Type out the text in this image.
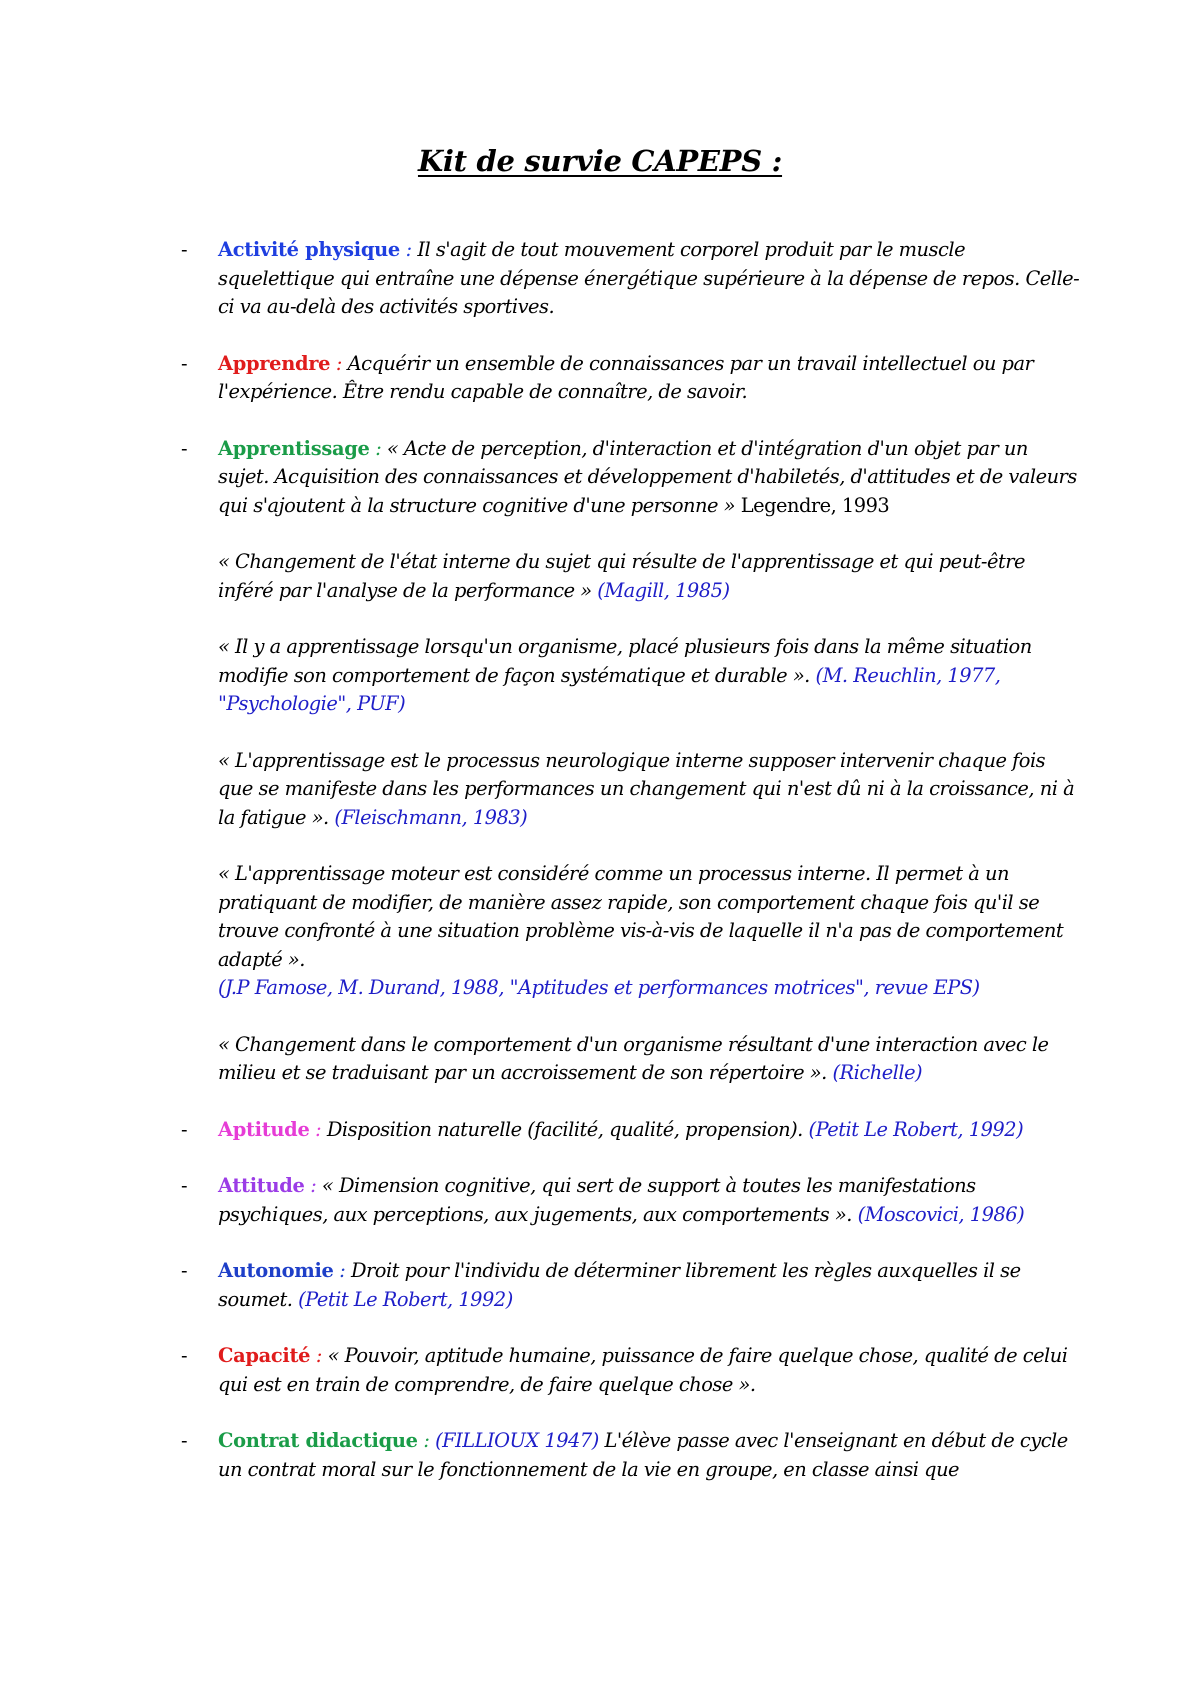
Kit de survie CAPEPS :
- Activité physique : Il s'agit de tout mouvement corporel produit par le muscle squelettique qui entraîne une dépense énergétique supérieure à la dépense de repos. Celle-ci va au-delà des activités sportives.
- Apprendre : Acquérir un ensemble de connaissances par un travail intellectuel ou par l'expérience. Être rendu capable de connaître, de savoir.
- Apprentissage : « Acte de perception, d'interaction et d'intégration d'un objet par un sujet. Acquisition des connaissances et développement d'habiletés, d'attitudes et de valeurs qui s'ajoutent à la structure cognitive d'une personne » Legendre, 1993
« Changement de l'état interne du sujet qui résulte de l'apprentissage et qui peut-être inféré par l'analyse de la performance » (Magill, 1985)
« Il y a apprentissage lorsqu'un organisme, placé plusieurs fois dans la même situation modifie son comportement de façon systématique et durable ». (M. Reuchlin, 1977, "Psychologie", PUF)
« L'apprentissage est le processus neurologique interne supposer intervenir chaque fois que se manifeste dans les performances un changement qui n'est dû ni à la croissance, ni à la fatigue ». (Fleischmann, 1983)
« L'apprentissage moteur est considéré comme un processus interne. Il permet à un pratiquant de modifier, de manière assez rapide, son comportement chaque fois qu'il se trouve confronté à une situation problème vis-à-vis de laquelle il n'a pas de comportement adapté ».
(J.P Famose, M. Durand, 1988, "Aptitudes et performances motrices", revue EPS)
« Changement dans le comportement d'un organisme résultant d'une interaction avec le milieu et se traduisant par un accroissement de son répertoire ». (Richelle)
- Aptitude : Disposition naturelle (facilité, qualité, propension). (Petit Le Robert, 1992)
- Attitude : « Dimension cognitive, qui sert de support à toutes les manifestations psychiques, aux perceptions, aux jugements, aux comportements ». (Moscovici, 1986)
- Autonomie : Droit pour l'individu de déterminer librement les règles auxquelles il se soumet. (Petit Le Robert, 1992)
- Capacité : « Pouvoir, aptitude humaine, puissance de faire quelque chose, qualité de celui qui est en train de comprendre, de faire quelque chose ».
- Contrat didactique : (FILLIOUX 1947) L'élève passe avec l'enseignant en début de cycle un contrat moral sur le fonctionnement de la vie en groupe, en classe ainsi que
